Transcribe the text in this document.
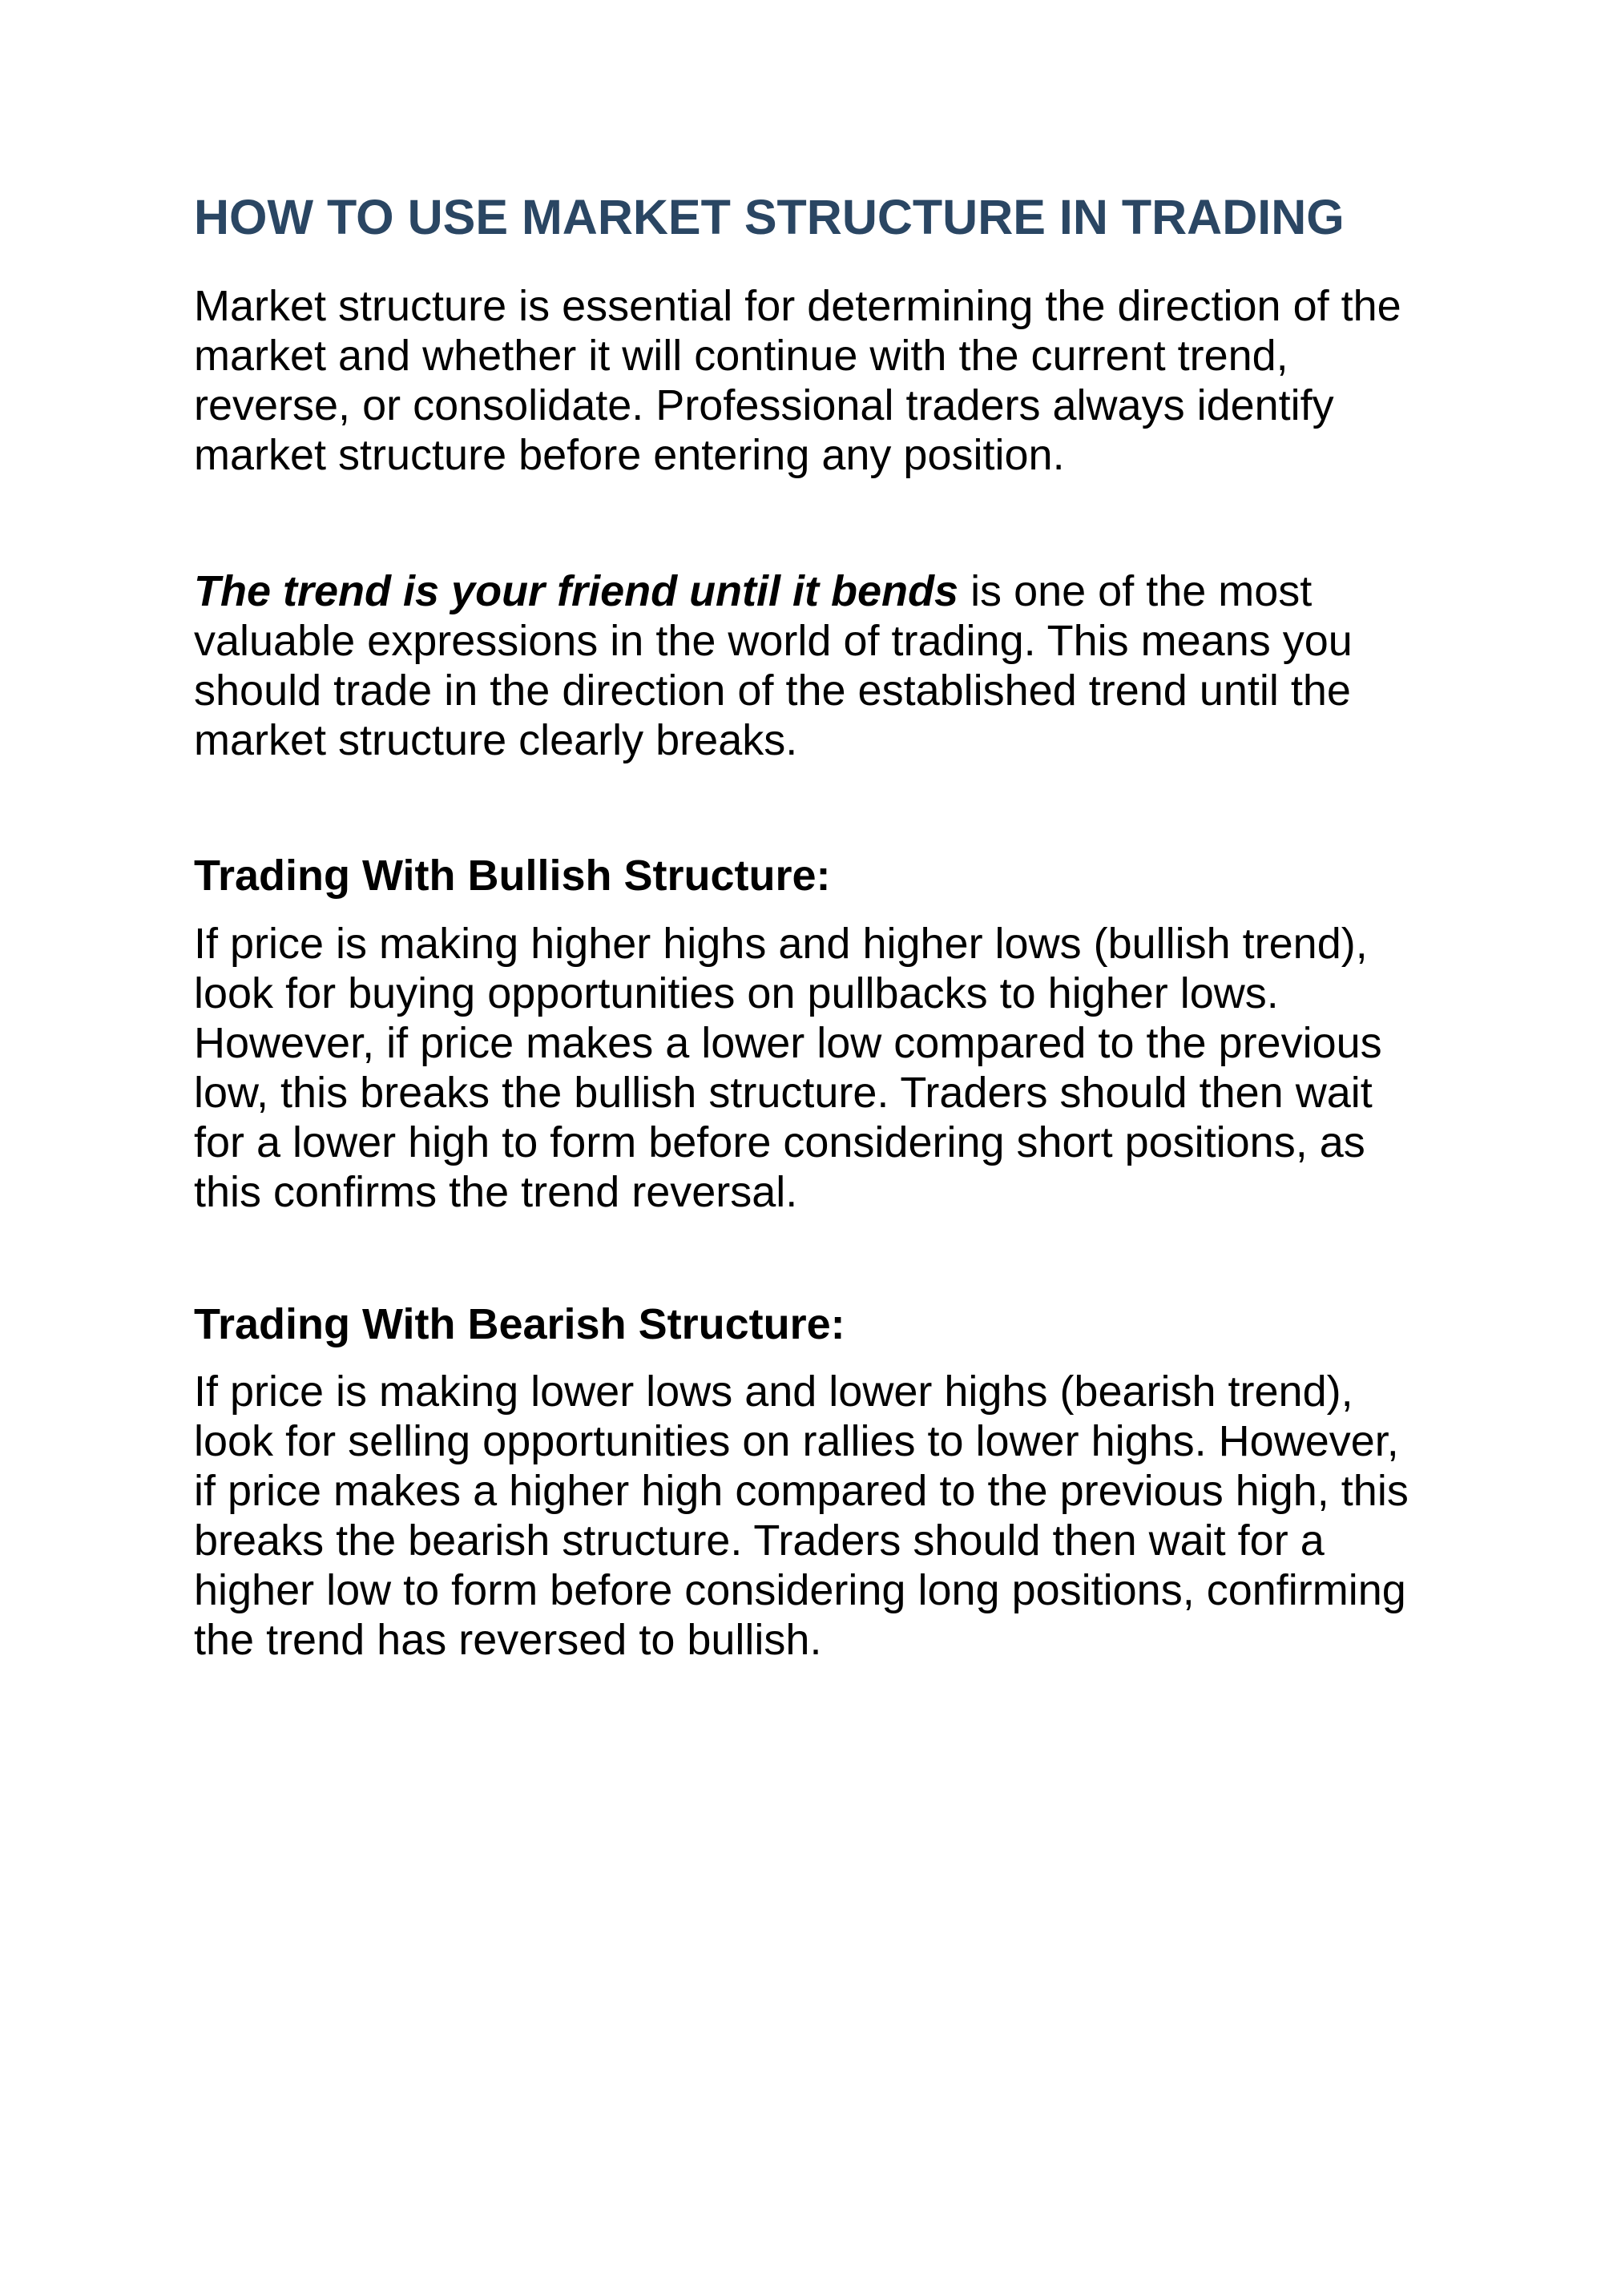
HOW TO USE MARKET STRUCTURE IN TRADING

Market structure is essential for determining the direction of the market and whether it will continue with the current trend, reverse, or consolidate. Professional traders always identify market structure before entering any position.

The trend is your friend until it bends is one of the most valuable expressions in the world of trading. This means you should trade in the direction of the established trend until the market structure clearly breaks.

Trading With Bullish Structure:

If price is making higher highs and higher lows (bullish trend), look for buying opportunities on pullbacks to higher lows. However, if price makes a lower low compared to the previous low, this breaks the bullish structure. Traders should then wait for a lower high to form before considering short positions, as this confirms the trend reversal.

Trading With Bearish Structure:

If price is making lower lows and lower highs (bearish trend), look for selling opportunities on rallies to lower highs. However, if price makes a higher high compared to the previous high, this breaks the bearish structure. Traders should then wait for a higher low to form before considering long positions, confirming the trend has reversed to bullish.
